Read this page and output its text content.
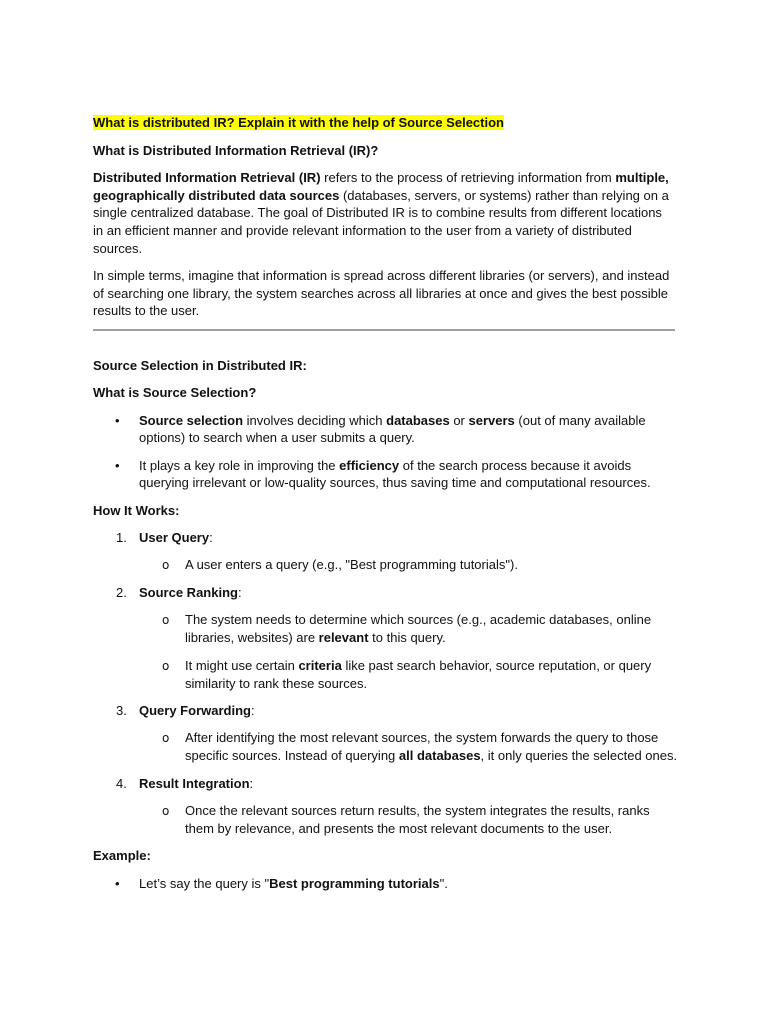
What is distributed IR? Explain it with the help of Source Selection
What is Distributed Information Retrieval (IR)?
Distributed Information Retrieval (IR) refers to the process of retrieving information from multiple,
geographically distributed data sources (databases, servers, or systems) rather than relying on a
single centralized database. The goal of Distributed IR is to combine results from different locations
in an efficient manner and provide relevant information to the user from a variety of distributed
sources.
In simple terms, imagine that information is spread across different libraries (or servers), and instead
of searching one library, the system searches across all libraries at once and gives the best possible
results to the user.
Source Selection in Distributed IR:
What is Source Selection?
• Source selection involves deciding which databases or servers (out of many available
options) to search when a user submits a query.
• It plays a key role in improving the efficiency of the search process because it avoids
querying irrelevant or low-quality sources, thus saving time and computational resources.
How It Works:
1. User Query:
o A user enters a query (e.g., "Best programming tutorials").
2. Source Ranking:
o The system needs to determine which sources (e.g., academic databases, online
libraries, websites) are relevant to this query.
o It might use certain criteria like past search behavior, source reputation, or query
similarity to rank these sources.
3. Query Forwarding:
o After identifying the most relevant sources, the system forwards the query to those
specific sources. Instead of querying all databases, it only queries the selected ones.
4. Result Integration:
o Once the relevant sources return results, the system integrates the results, ranks
them by relevance, and presents the most relevant documents to the user.
Example:
• Let’s say the query is "Best programming tutorials".
